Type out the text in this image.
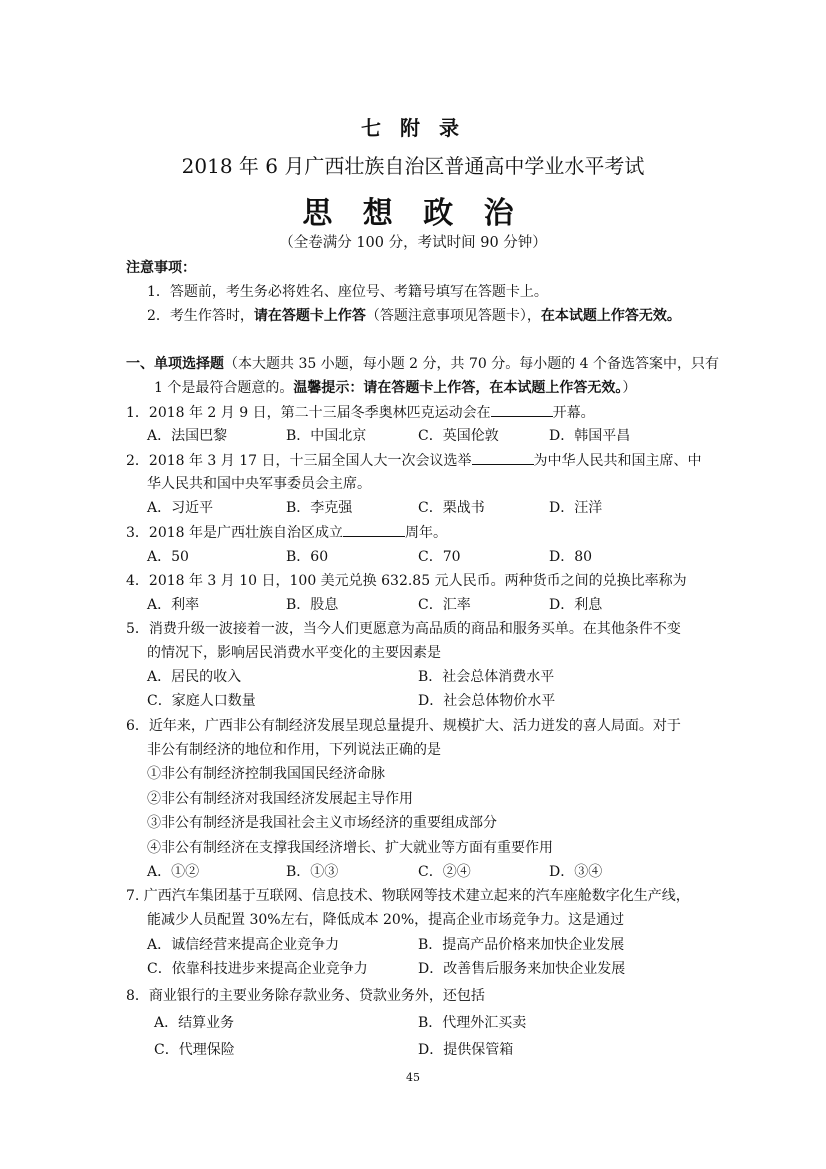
七 附 录
2018 年 6 月广西壮族自治区普通高中学业水平考试
思 想 政 治
（全卷满分 100 分，考试时间 90 分钟）
注意事项：
1．答题前，考生务必将姓名、座位号、考籍号填写在答题卡上。
2．考生作答时，请在答题卡上作答（答题注意事项见答题卡），在本试题上作答无效。
一、单项选择题（本大题共 35 小题，每小题 2 分，共 70 分。每小题的 4 个备选答案中，只有
1 个是最符合题意的。温馨提示：请在答题卡上作答，在本试题上作答无效。）
1．2018 年 2 月 9 日，第二十三届冬季奥林匹克运动会在	开幕。
A．法国巴黎	B．中国北京	C．英国伦敦	D．韩国平昌
2．2018 年 3 月 17 日，十三届全国人大一次会议选举	为中华人民共和国主席、中
华人民共和国中央军事委员会主席。
A．习近平	B．李克强	C．栗战书	D．汪洋
3．2018 年是广西壮族自治区成立	周年。
A．50	B．60	C．70	D．80
4．2018 年 3 月 10 日，100 美元兑换 632.85 元人民币。两种货币之间的兑换比率称为
A．利率	B．股息	C．汇率	D．利息
5．消费升级一波接着一波，当今人们更愿意为高品质的商品和服务买单。在其他条件不变
的情况下，影响居民消费水平变化的主要因素是
A．居民的收入	B．社会总体消费水平
C．家庭人口数量	D．社会总体物价水平
6．近年来，广西非公有制经济发展呈现总量提升、规模扩大、活力迸发的喜人局面。对于
非公有制经济的地位和作用，下列说法正确的是
①非公有制经济控制我国国民经济命脉
②非公有制经济对我国经济发展起主导作用
③非公有制经济是我国社会主义市场经济的重要组成部分
④非公有制经济在支撑我国经济增长、扩大就业等方面有重要作用
A．①②	B．①③	C．②④	D．③④
7. 广西汽车集团基于互联网、信息技术、物联网等技术建立起来的汽车座舱数字化生产线，
能减少人员配置 30%左右，降低成本 20%，提高企业市场竞争力。这是通过
A．诚信经营来提高企业竞争力	B．提高产品价格来加快企业发展
C．依靠科技进步来提高企业竞争力	D．改善售后服务来加快企业发展
8．商业银行的主要业务除存款业务、贷款业务外，还包括
A．结算业务	B．代理外汇买卖
C．代理保险	D．提供保管箱
45
